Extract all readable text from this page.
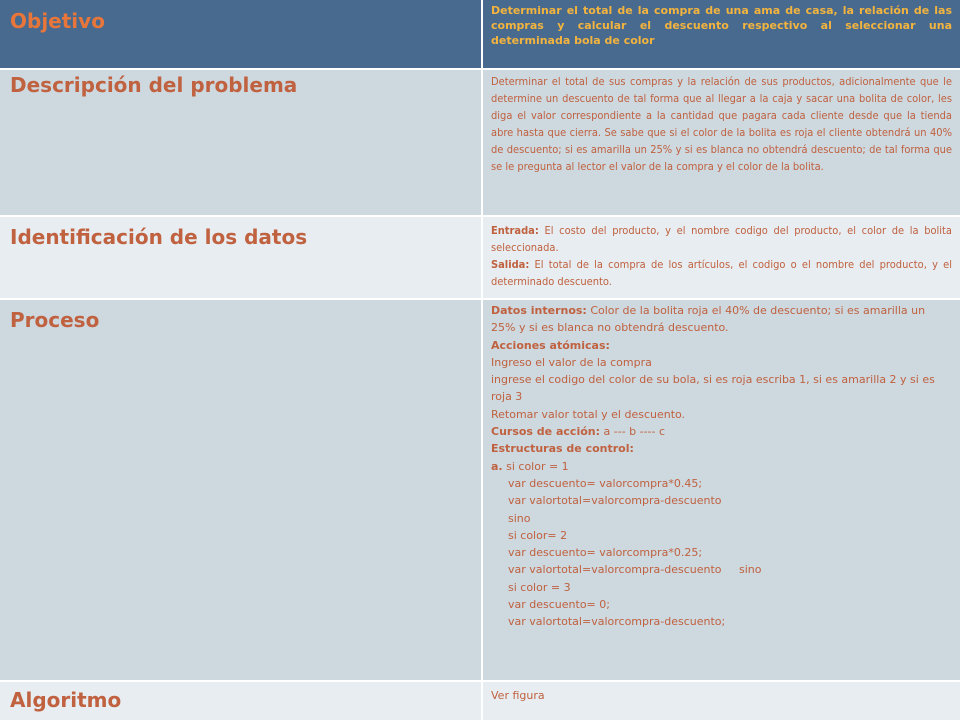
Objetivo	Determinar el total de la compra de una ama de casa, la relación de las compras y calcular el descuento respectivo al seleccionar una determinada bola de color
Descripción del problema	Determinar el total de sus compras y la relación de sus productos, adicionalmente que le determine un descuento de tal forma que al llegar a la caja y sacar una bolita de color, les diga el valor correspondiente a la cantidad que pagara cada cliente desde que la tienda abre hasta que cierra. Se sabe que si el color de la bolita es roja el cliente obtendrá un 40% de descuento; si es amarilla un 25% y si es blanca no obtendrá descuento; de tal forma que se le pregunta al lector el valor de la compra y el color de la bolita.
Identificación de los datos	Entrada: El costo del producto, y el nombre codigo del producto, el color de la bolita seleccionada.
Salida: El total de la compra de los artículos, el codigo o el nombre del producto, y el determinado descuento.
Proceso	Datos internos: Color de la bolita roja el 40% de descuento; si es amarilla un 25% y si es blanca no obtendrá descuento.
Acciones atómicas:
Ingreso el valor de la compra
ingrese el codigo del color de su bola, si es roja escriba 1, si es amarilla 2 y si es roja 3
Retomar valor total y el descuento.
Cursos de acción: a --- b ---- c
Estructuras de control:
a. si color = 1
var descuento= valorcompra*0.45;
var valortotal=valorcompra-descuento
sino
si color= 2
var descuento= valorcompra*0.25;
var valortotal=valorcompra-descuento     sino
si color = 3
var descuento= 0;
var valortotal=valorcompra-descuento;
Algoritmo	Ver figura
